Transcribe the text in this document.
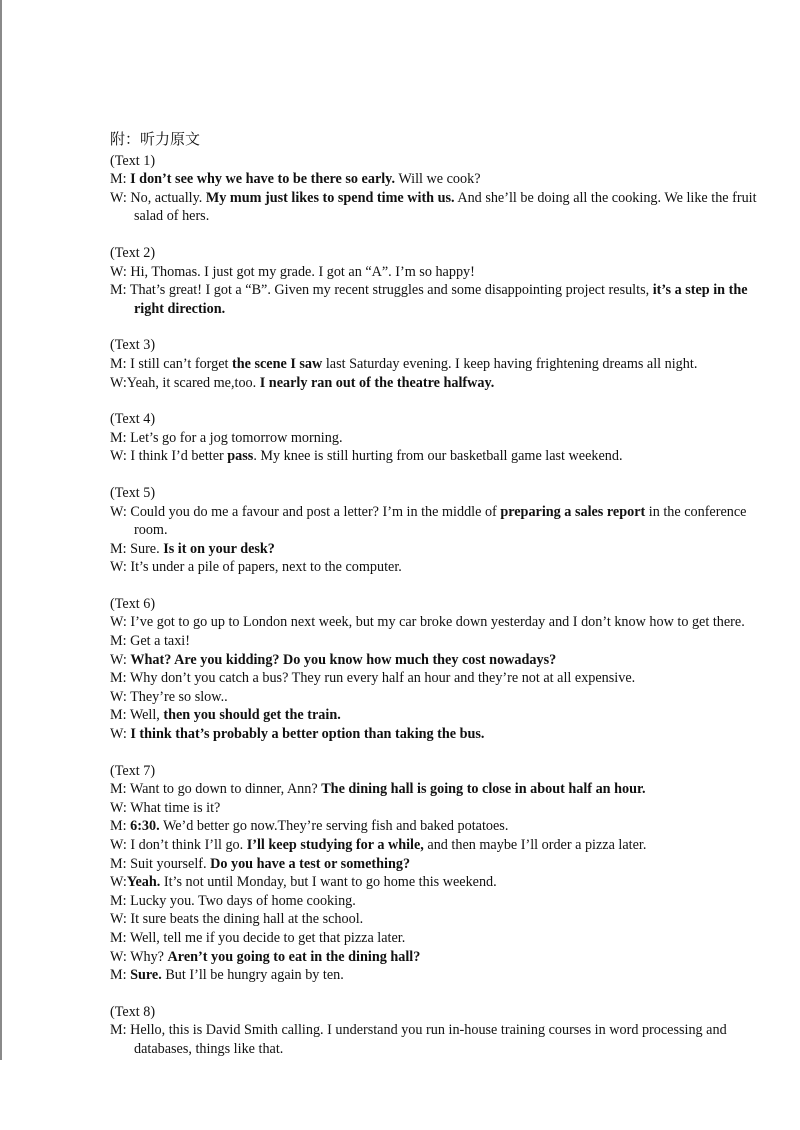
附：听力原文
(Text 1)
M: I don’t see why we have to be there so early. Will we cook?
W: No, actually. My mum just likes to spend time with us. And she’ll be doing all the cooking. We like the fruit salad of hers.
(Text 2)
W: Hi, Thomas. I just got my grade. I got an “A”. I’m so happy!
M: That’s great! I got a “B”. Given my recent struggles and some disappointing project results, it’s a step in the right direction.
(Text 3)
M: I still can’t forget the scene I saw last Saturday evening. I keep having frightening dreams all night.
W:Yeah, it scared me,too. I nearly ran out of the theatre halfway.
(Text 4)
M: Let’s go for a jog tomorrow morning.
W: I think I’d better pass. My knee is still hurting from our basketball game last weekend.
(Text 5)
W: Could you do me a favour and post a letter? I’m in the middle of preparing a sales report in the conference room.
M: Sure. Is it on your desk?
W: It’s under a pile of papers, next to the computer.
(Text 6)
W: I’ve got to go up to London next week, but my car broke down yesterday and I don’t know how to get there.
M: Get a taxi!
W: What? Are you kidding? Do you know how much they cost nowadays?
M: Why don’t you catch a bus? They run every half an hour and they’re not at all expensive.
W: They’re so slow..
M: Well, then you should get the train.
W: I think that’s probably a better option than taking the bus.
(Text 7)
M: Want to go down to dinner, Ann? The dining hall is going to close in about half an hour.
W: What time is it?
M: 6:30. We’d better go now.They’re serving fish and baked potatoes.
W: I don’t think I’ll go. I’ll keep studying for a while, and then maybe I’ll order a pizza later.
M: Suit yourself. Do you have a test or something?
W:Yeah. It’s not until Monday, but I want to go home this weekend.
M: Lucky you. Two days of home cooking.
W: It sure beats the dining hall at the school.
M: Well, tell me if you decide to get that pizza later.
W: Why? Aren’t you going to eat in the dining hall?
M: Sure. But I’ll be hungry again by ten.
(Text 8)
M: Hello, this is David Smith calling. I understand you run in-house training courses in word processing and databases, things like that.
